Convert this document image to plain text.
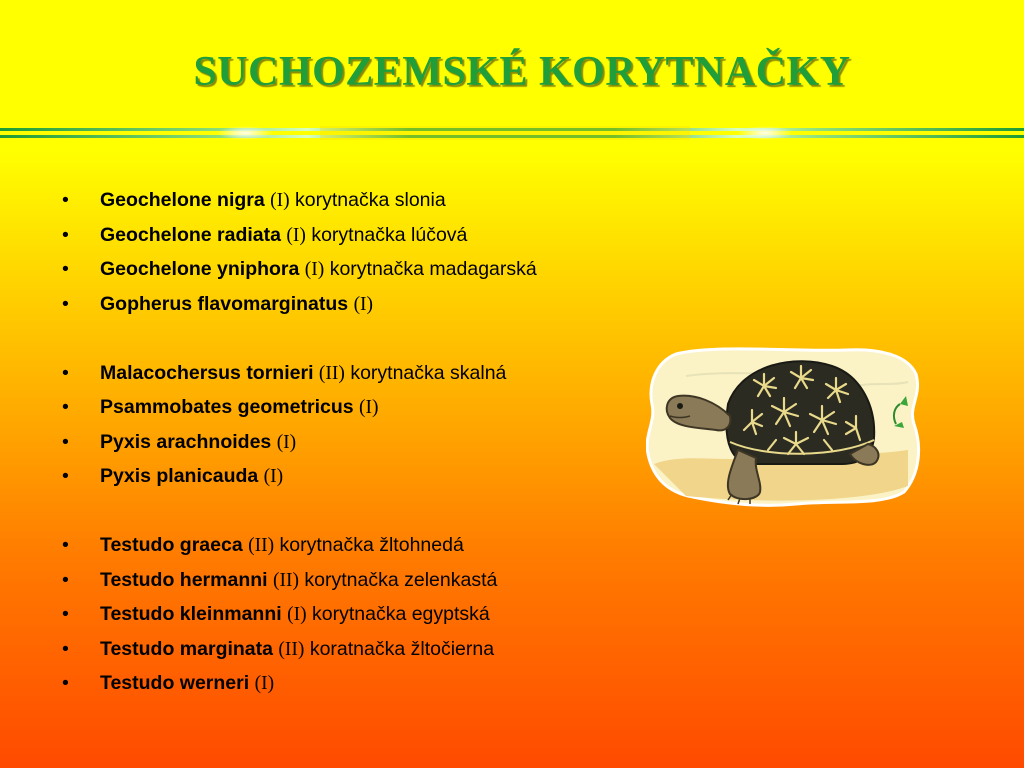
SUCHOZEMSKÉ KORYTNAČKY
• Geochelone nigra (I) korytnačka slonia
• Geochelone radiata (I) korytnačka lúčová
• Geochelone yniphora (I) korytnačka madagarská
• Gopherus flavomarginatus (I)
• Malacochersus tornieri (II) korytnačka skalná
• Psammobates geometricus (I)
• Pyxis arachnoides (I)
• Pyxis planicauda (I)
• Testudo graeca (II) korytnačka žltohnedá
• Testudo hermanni (II) korytnačka zelenkastá
• Testudo kleinmanni (I) korytnačka egyptská
• Testudo marginata (II) koratnačka žltočierna
• Testudo werneri (I)
